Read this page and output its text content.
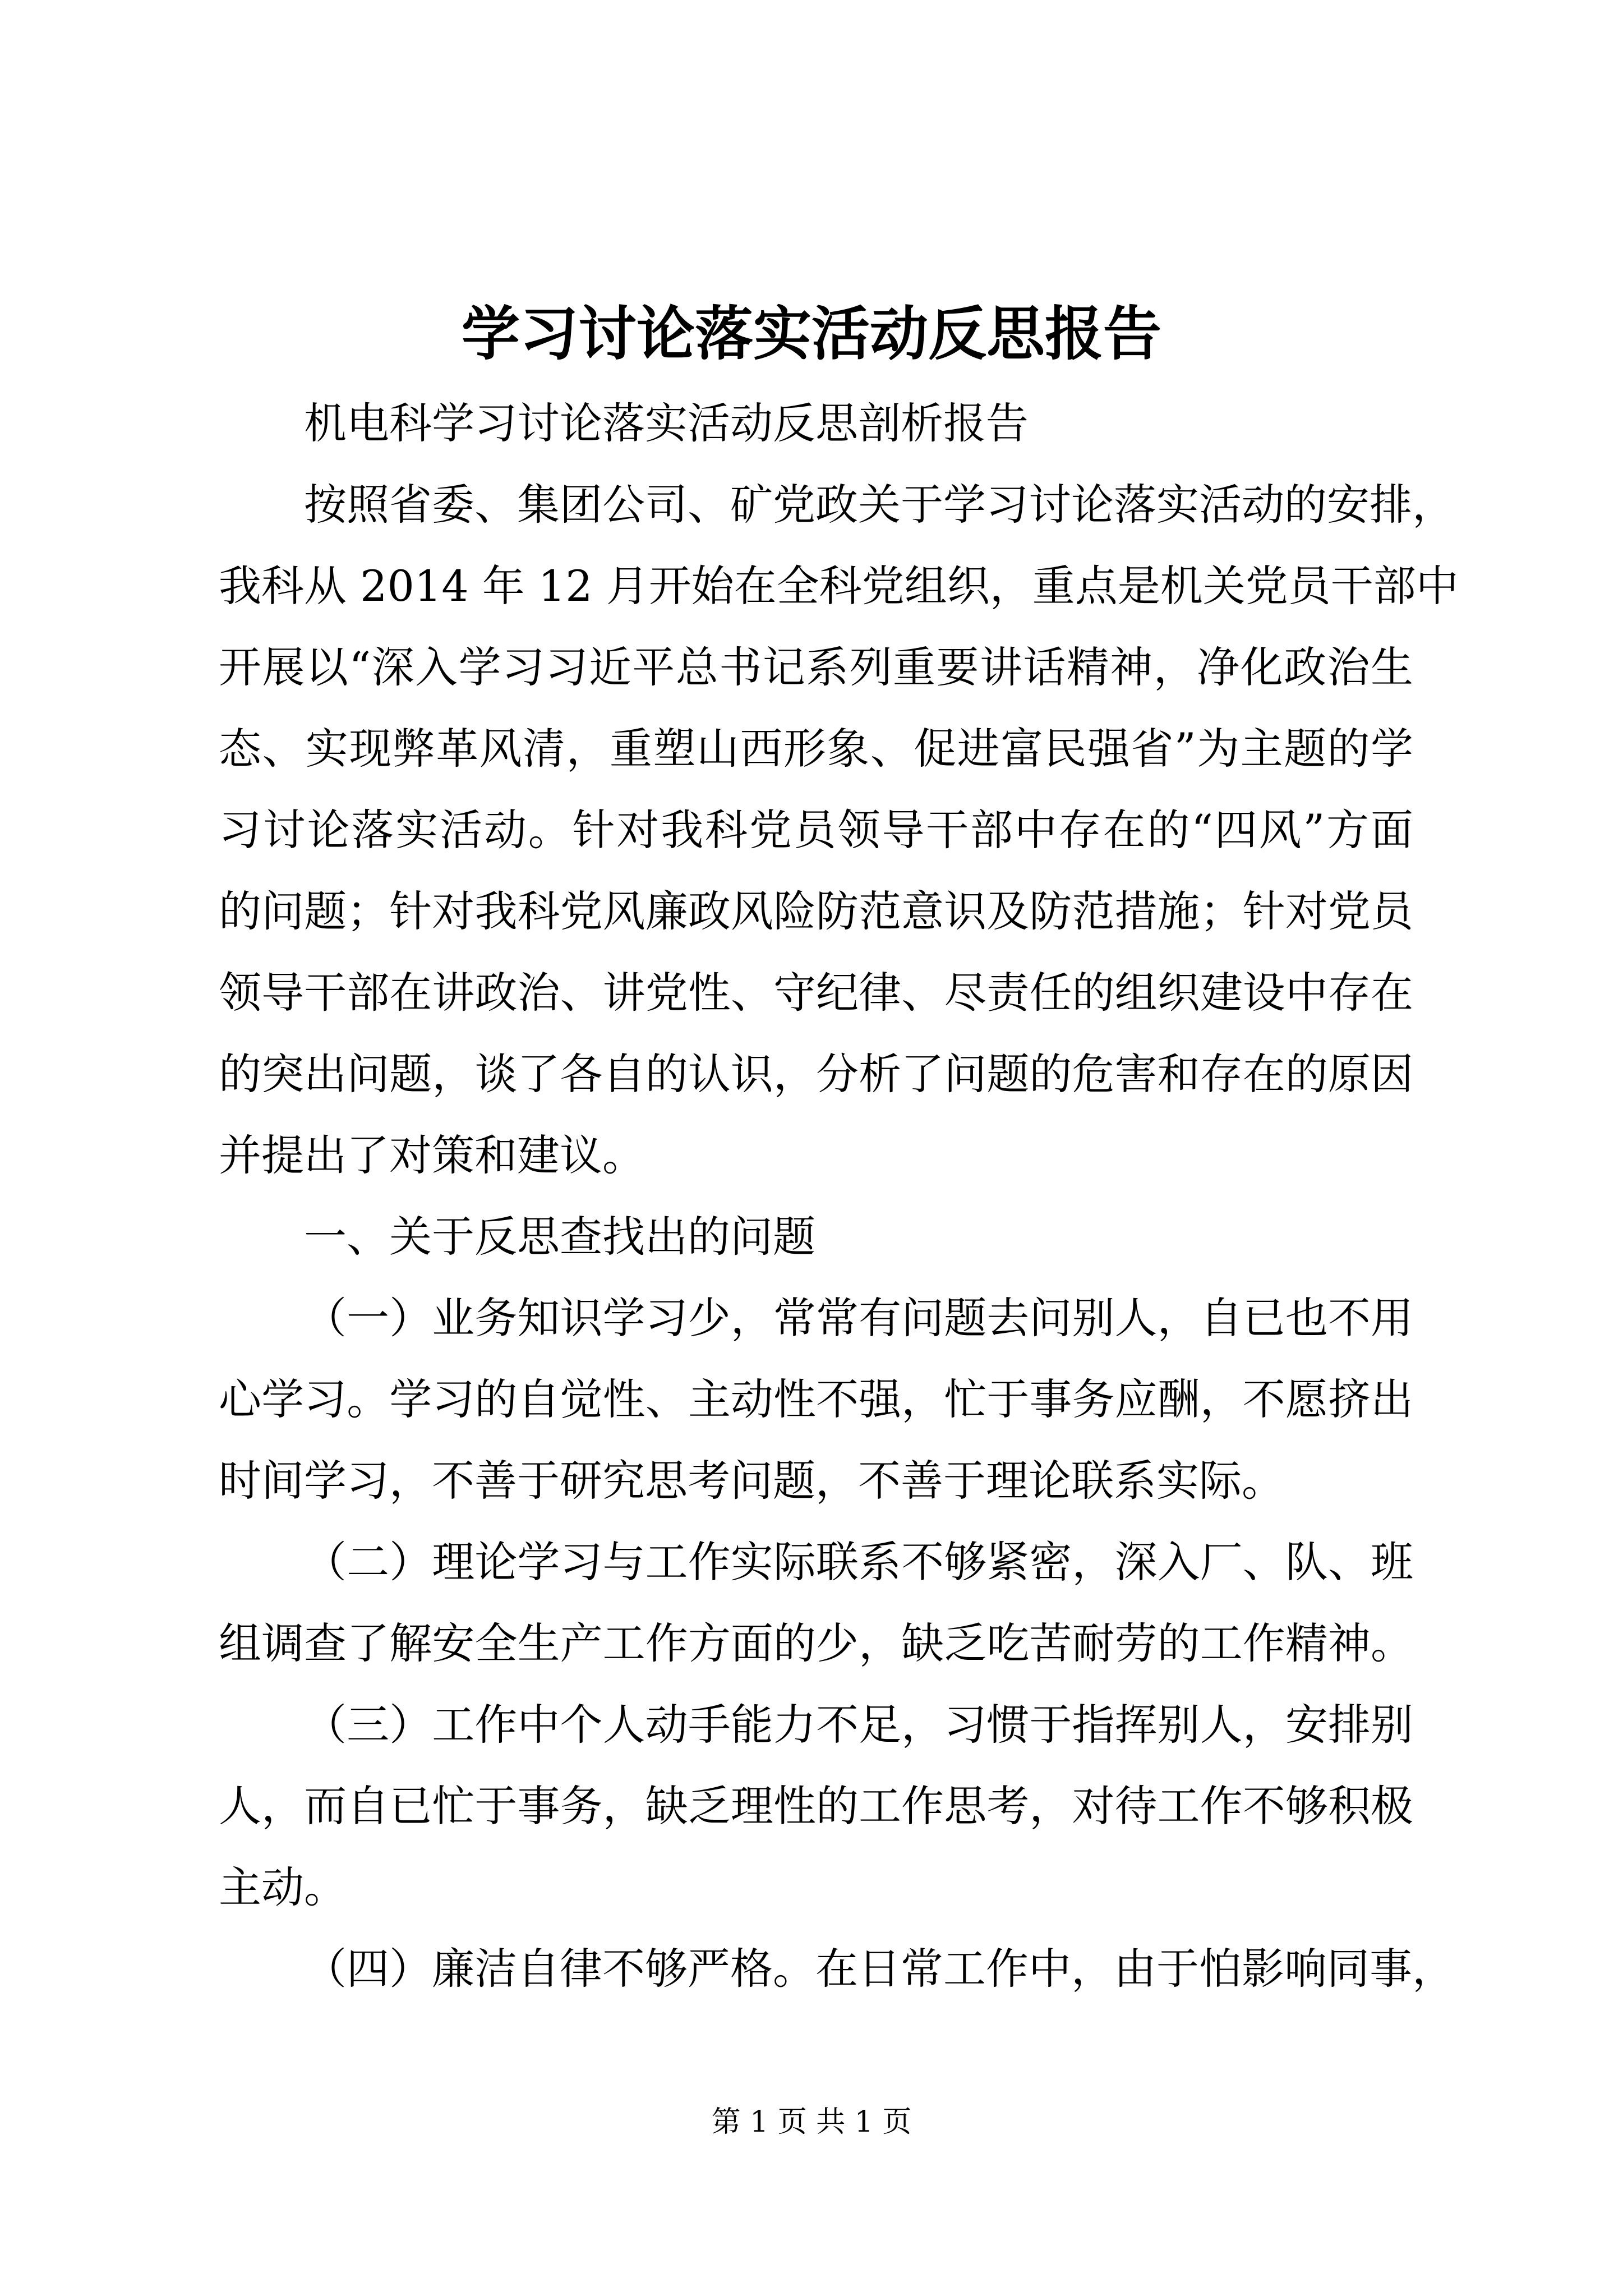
学习讨论落实活动反思报告

机电科学习讨论落实活动反思剖析报告

按照省委、集团公司、矿党政关于学习讨论落实活动的安排，

我科从 2014 年 12 月开始在全科党组织，重点是机关党员干部中

开展以“深入学习习近平总书记系列重要讲话精神，净化政治生

态、实现弊革风清，重塑山西形象、促进富民强省”为主题的学

习讨论落实活动。针对我科党员领导干部中存在的“四风”方面

的问题；针对我科党风廉政风险防范意识及防范措施；针对党员

领导干部在讲政治、讲党性、守纪律、尽责任的组织建设中存在

的突出问题，谈了各自的认识，分析了问题的危害和存在的原因

并提出了对策和建议。

一、关于反思查找出的问题

（一）业务知识学习少，常常有问题去问别人，自已也不用

心学习。学习的自觉性、主动性不强，忙于事务应酬，不愿挤出

时间学习，不善于研究思考问题，不善于理论联系实际。

（二）理论学习与工作实际联系不够紧密，深入厂、队、班

组调查了解安全生产工作方面的少，缺乏吃苦耐劳的工作精神。

（三）工作中个人动手能力不足，习惯于指挥别人，安排别

人，而自已忙于事务，缺乏理性的工作思考，对待工作不够积极

主动。

（四）廉洁自律不够严格。在日常工作中，由于怕影响同事，

第 1 页 共 1 页
